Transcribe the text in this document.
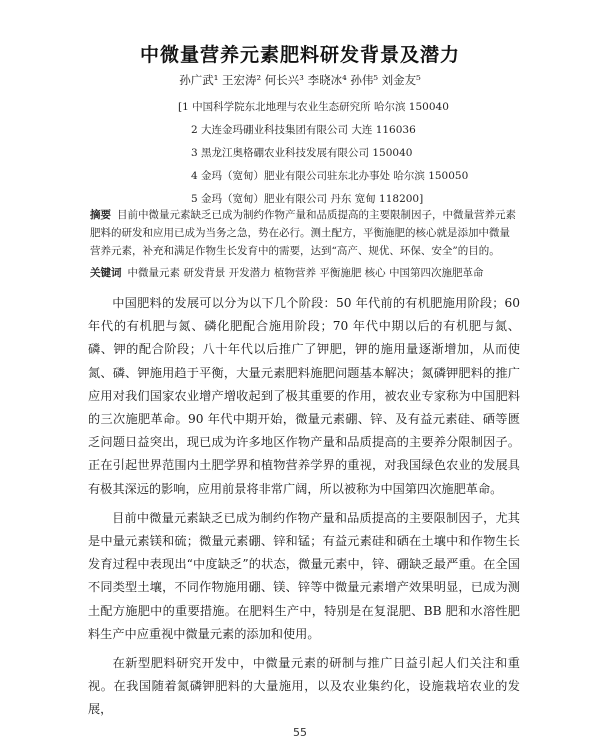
中微量营养元素肥料研发背景及潜力
孙广武¹ 王宏涛² 何长兴³ 李晓冰⁴ 孙伟⁵ 刘金友⁵
[1 中国科学院东北地理与农业生态研究所 哈尔滨 150040
2 大连金玛硼业科技集团有限公司 大连 116036
3 黑龙江奥格硼农业科技发展有限公司 150040
4 金玛（宽甸）肥业有限公司驻东北办事处 哈尔滨 150050
5 金玛（宽甸）肥业有限公司 丹东 宽甸 118200]
摘要 目前中微量元素缺乏已成为制约作物产量和品质提高的主要限制因子，中微量营养元素肥料的研发和应用已成为当务之急，势在必行。测土配方，平衡施肥的核心就是添加中微量营养元素，补充和满足作物生长发育中的需要，达到“高产、规优、环保、安全”的目的。
关键词 中微量元素 研发背景 开发潜力 植物营养 平衡施肥 核心 中国第四次施肥革命

中国肥料的发展可以分为以下几个阶段：50 年代前的有机肥施用阶段；60 年代的有机肥与氮、磷化肥配合施用阶段；70 年代中期以后的有机肥与氮、磷、钾的配合阶段；八十年代以后推广了钾肥，钾的施用量逐渐增加，从而使氮、磷、钾施用趋于平衡，大量元素肥料施肥问题基本解决；氮磷钾肥料的推广应用对我们国家农业增产增收起到了极其重要的作用，被农业专家称为中国肥料的三次施肥革命。90 年代中期开始，微量元素硼、锌、及有益元素硅、硒等匮乏问题日益突出，现已成为许多地区作物产量和品质提高的主要养分限制因子。正在引起世界范围内土肥学界和植物营养学界的重视，对我国绿色农业的发展具有极其深远的影响，应用前景将非常广阔，所以被称为中国第四次施肥革命。

目前中微量元素缺乏已成为制约作物产量和品质提高的主要限制因子，尤其是中量元素镁和硫；微量元素硼、锌和锰；有益元素硅和硒在土壤中和作物生长发育过程中表现出“中度缺乏”的状态，微量元素中，锌、硼缺乏最严重。在全国不同类型土壤，不同作物施用硼、镁、锌等中微量元素增产效果明显，已成为测土配方施肥中的重要措施。在肥料生产中，特别是在复混肥、BB 肥和水溶性肥料生产中应重视中微量元素的添加和使用。

在新型肥料研究开发中，中微量元素的研制与推广日益引起人们关注和重视。在我国随着氮磷钾肥料的大量施用，以及农业集约化，设施栽培农业的发展，

55
